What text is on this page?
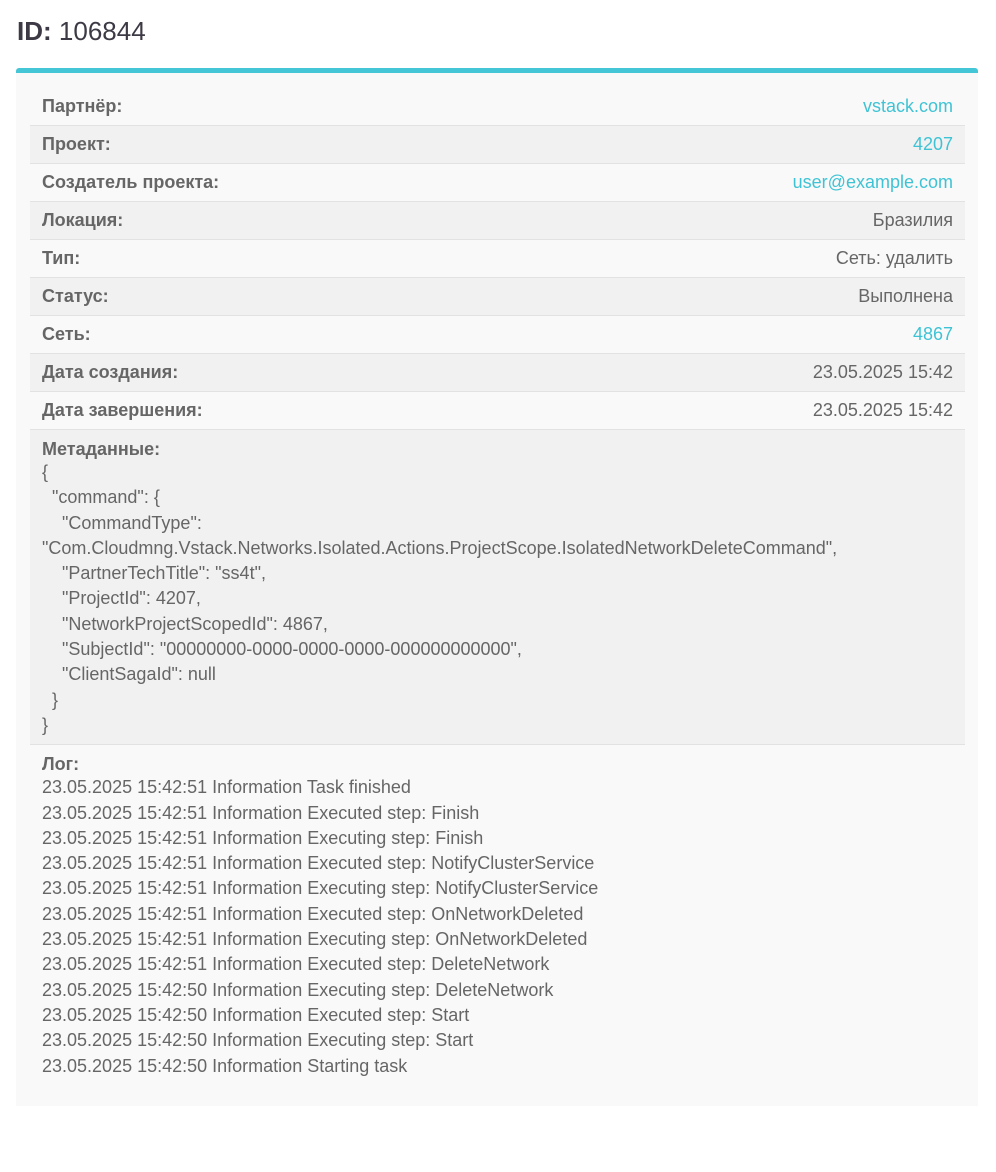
ID: 106844
Партнёр:	vstack.com
Проект:	4207
Создатель проекта:	user@example.com
Локация:	Бразилия
Тип:	Сеть: удалить
Статус:	Выполнена
Сеть:	4867
Дата создания:	23.05.2025 15:42
Дата завершения:	23.05.2025 15:42
Метаданные:
{
"command": {
"CommandType":
"Com.Cloudmng.Vstack.Networks.Isolated.Actions.ProjectScope.IsolatedNetworkDeleteCommand",
"PartnerTechTitle": "ss4t",
"ProjectId": 4207,
"NetworkProjectScopedId": 4867,
"SubjectId": "00000000-0000-0000-0000-000000000000",
"ClientSagaId": null
}
}
Лог:
23.05.2025 15:42:51 Information Task finished
23.05.2025 15:42:51 Information Executed step: Finish
23.05.2025 15:42:51 Information Executing step: Finish
23.05.2025 15:42:51 Information Executed step: NotifyClusterService
23.05.2025 15:42:51 Information Executing step: NotifyClusterService
23.05.2025 15:42:51 Information Executed step: OnNetworkDeleted
23.05.2025 15:42:51 Information Executing step: OnNetworkDeleted
23.05.2025 15:42:51 Information Executed step: DeleteNetwork
23.05.2025 15:42:50 Information Executing step: DeleteNetwork
23.05.2025 15:42:50 Information Executed step: Start
23.05.2025 15:42:50 Information Executing step: Start
23.05.2025 15:42:50 Information Starting task
